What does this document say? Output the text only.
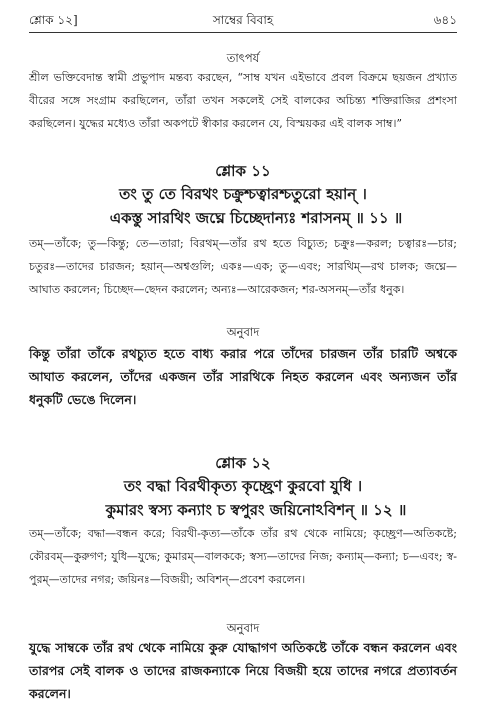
শ্লোক ১২]	সাম্বের বিবাহ	৬৪১
তাৎপর্য
শ্রীল ভক্তিবেদান্ত স্বামী প্রভুপাদ মন্তব্য করছেন, “সাম্ব যখন এইভাবে প্রবল বিক্রমে ছয়জন প্রখ্যাত বীরের সঙ্গে সংগ্রাম করছিলেন, তাঁরা তখন সকলেই সেই বালকের অচিন্ত্য শক্তিরাজির প্রশংসা করছিলেন। যুদ্ধের মধ্যেও তাঁরা অকপটে স্বীকার করলেন যে, বিস্ময়কর এই বালক সাম্ব।”
শ্লোক ১১
তং তু তে বিরথং চক্রুশ্চত্বারশ্চতুরো হয়ান্ ।
একস্তু সারথিং জঘ্নে চিচ্ছেদান্যঃ শরাসনম্ ॥ ১১ ॥
তম্—তাঁকে; তু—কিন্তু; তে—তারা; বিরথম্—তাঁর রথ হতে বিচ্যুত; চক্রুঃ—করল; চত্বারঃ—চার; চতুরঃ—তাদের চারজন; হয়ান্—অশ্বগুলি; একঃ—এক; তু—এবং; সারথিম্—রথ চালক; জঘ্নে—আঘাত করলেন; চিচ্ছেদ—ছেদন করলেন; অন্যঃ—আরেকজন; শর-অসনম্—তাঁর ধনুক।
অনুবাদ
কিন্তু তাঁরা তাঁকে রথচ্যুত হতে বাধ্য করার পরে তাঁদের চারজন তাঁর চারটি অশ্বকে আঘাত করলেন, তাঁদের একজন তাঁর সারথিকে নিহত করলেন এবং অন্যজন তাঁর ধনুকটি ভেঙে দিলেন।
শ্লোক ১২
তং বদ্ধা বিরথীকৃত্য কৃচ্ছ্রেণ কুরবো যুধি ।
কুমারং স্বস্য কন্যাং চ স্বপুরং জয়িনোঽবিশন্ ॥ ১২ ॥
তম্—তাঁকে; বদ্ধা—বন্ধন করে; বিরথী-কৃত্য—তাঁকে তাঁর রথ থেকে নামিয়ে; কৃচ্ছ্রেণ—অতিকষ্টে; কৌরবম্—কুরুগণ; যুধি—যুদ্ধে; কুমারম্—বালককে; স্বস্য—তাদের নিজ; কন্যাম্—কন্যা; চ—এবং; স্ব-পুরম্—তাদের নগর; জয়িনঃ—বিজয়ী; অবিশন্—প্রবেশ করলেন।
অনুবাদ
যুদ্ধে সাম্বকে তাঁর রথ থেকে নামিয়ে কুরু যোদ্ধাগণ অতিকষ্টে তাঁকে বন্ধন করলেন এবং তারপর সেই বালক ও তাদের রাজকন্যাকে নিয়ে বিজয়ী হয়ে তাদের নগরে প্রত্যাবর্তন করলেন।
